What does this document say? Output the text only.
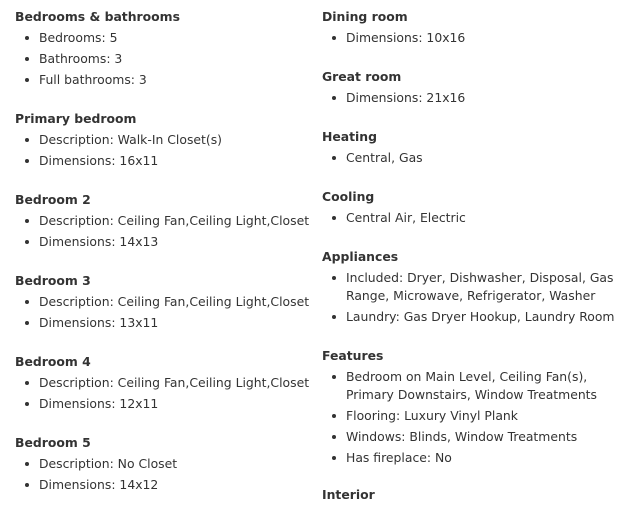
Bedrooms & bathrooms
Bedrooms: 5
Bathrooms: 3
Full bathrooms: 3
Primary bedroom
Description: Walk-In Closet(s)
Dimensions: 16x11
Bedroom 2
Description: Ceiling Fan,Ceiling Light,Closet
Dimensions: 14x13
Bedroom 3
Description: Ceiling Fan,Ceiling Light,Closet
Dimensions: 13x11
Bedroom 4
Description: Ceiling Fan,Ceiling Light,Closet
Dimensions: 12x11
Bedroom 5
Description: No Closet
Dimensions: 14x12
Dining room
Dimensions: 10x16
Great room
Dimensions: 21x16
Heating
Central, Gas
Cooling
Central Air, Electric
Appliances
Included: Dryer, Dishwasher, Disposal, Gas Range, Microwave, Refrigerator, Washer
Laundry: Gas Dryer Hookup, Laundry Room
Features
Bedroom on Main Level, Ceiling Fan(s), Primary Downstairs, Window Treatments
Flooring: Luxury Vinyl Plank
Windows: Blinds, Window Treatments
Has fireplace: No
Interior
